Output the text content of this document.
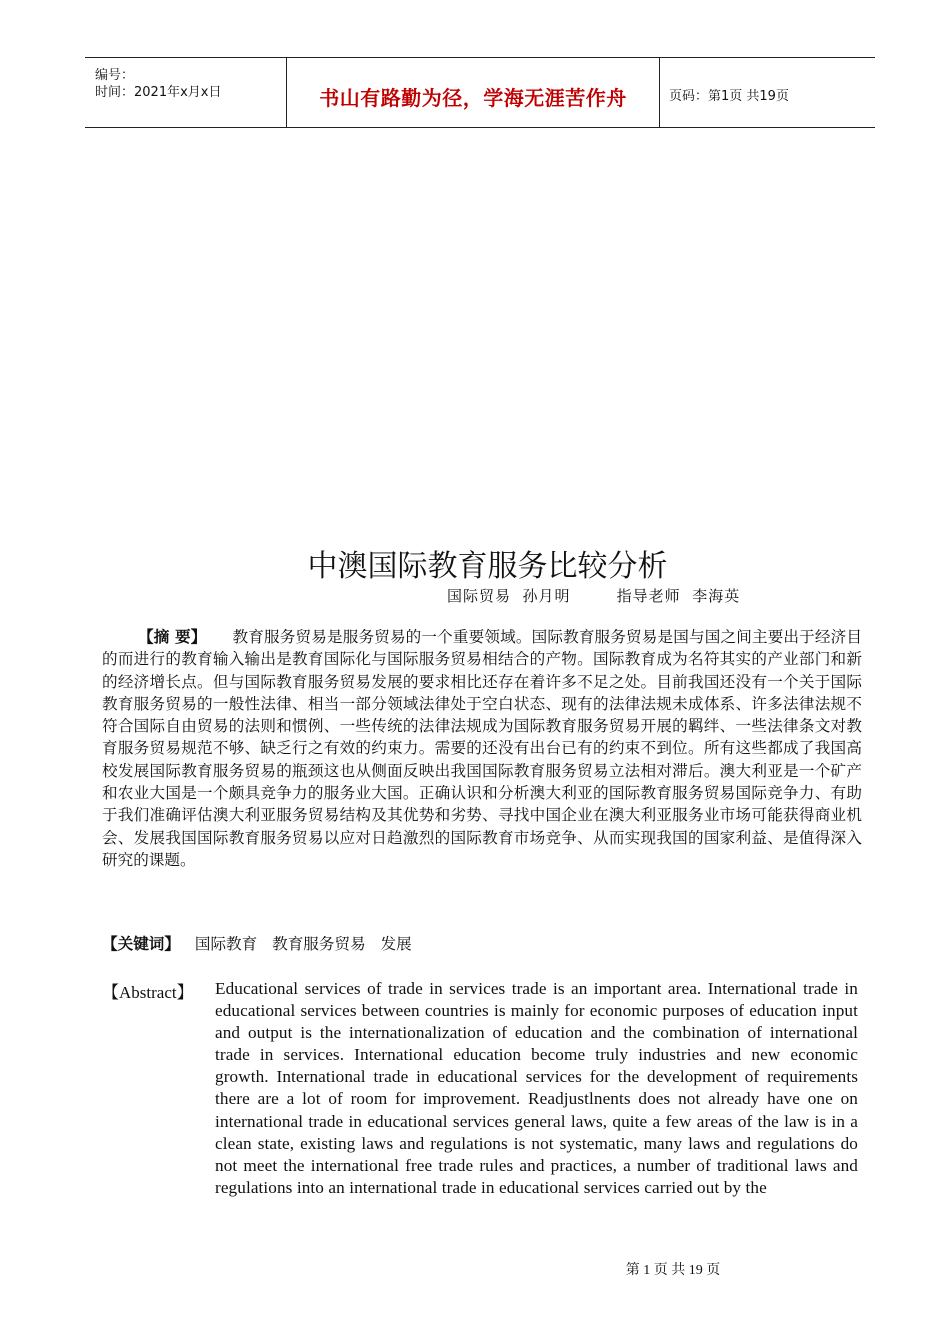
编号：
时间：2021年x月x日	书山有路勤为径，学海无涯苦作舟	页码：第1页 共19页
中澳国际教育服务比较分析
国际贸易  孙月明        指导老师  李海英
【摘 要】 教育服务贸易是服务贸易的一个重要领域。国际教育服务贸易是国与国之间主要出于经济目的而进行的教育输入输出是教育国际化与国际服务贸易相结合的产物。国际教育成为名符其实的产业部门和新的经济增长点。但与国际教育服务贸易发展的要求相比还存在着许多不足之处。目前我国还没有一个关于国际教育服务贸易的一般性法律、相当一部分领域法律处于空白状态、现有的法律法规未成体系、许多法律法规不符合国际自由贸易的法则和惯例、一些传统的法律法规成为国际教育服务贸易开展的羁绊、一些法律条文对教育服务贸易规范不够、缺乏行之有效的约束力。需要的还没有出台已有的约束不到位。所有这些都成了我国高校发展国际教育服务贸易的瓶颈这也从侧面反映出我国国际教育服务贸易立法相对滞后。澳大利亚是一个矿产和农业大国是一个颇具竞争力的服务业大国。正确认识和分析澳大利亚的国际教育服务贸易国际竞争力、有助于我们准确评估澳大利亚服务贸易结构及其优势和劣势、寻找中国企业在澳大利亚服务业市场可能获得商业机会、发展我国国际教育服务贸易以应对日趋激烈的国际教育市场竞争、从而实现我国的国家利益、是值得深入研究的课题。
【关键词】   国际教育   教育服务贸易   发展
【Abstract】 Educational services of trade in services trade is an important area. International trade in educational services between countries is mainly for economic purposes of education input and output is the internationalization of education and the combination of international trade in services. International education become truly industries and new economic growth. International trade in educational services for the development of requirements there are a lot of room for improvement. Readjustlnents does not already have one on international trade in educational services general laws, quite a few areas of the law is in a clean state, existing laws and regulations is not systematic, many laws and regulations do not meet the international free trade rules and practices, a number of traditional laws and regulations into an international trade in educational services carried out by the
第 1 页 共 19 页
